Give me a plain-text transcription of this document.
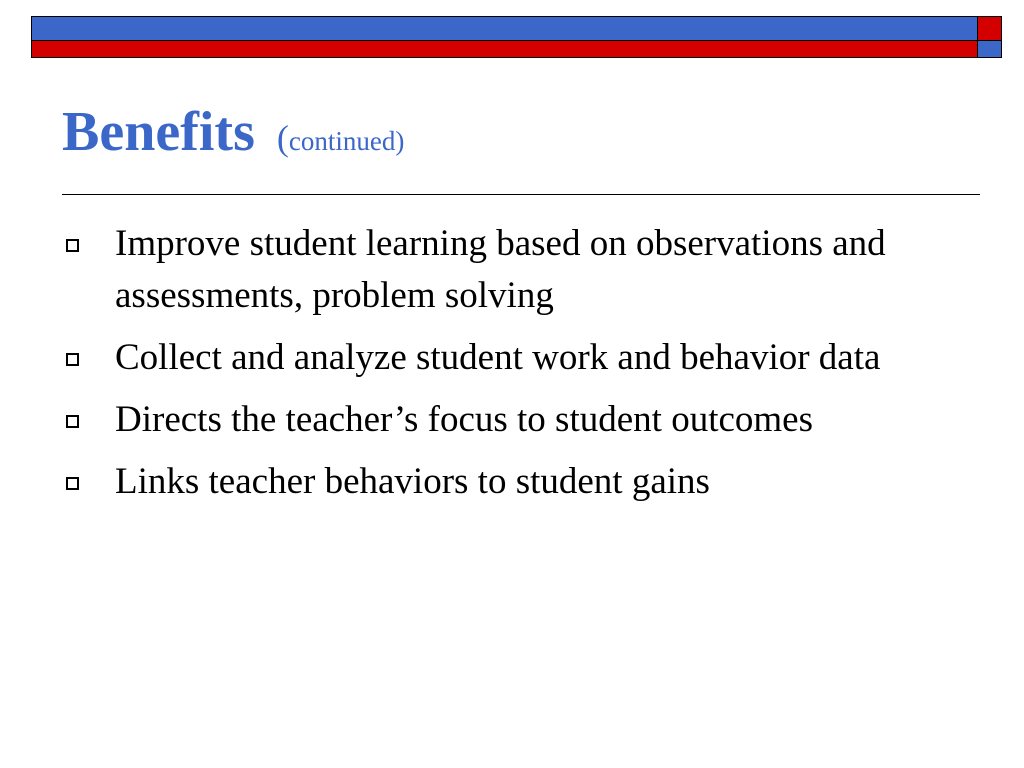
Benefits (continued)
Improve student learning based on observations and assessments, problem solving
Collect and analyze student work and behavior data
Directs the teacher’s focus to student outcomes
Links teacher behaviors to student gains
